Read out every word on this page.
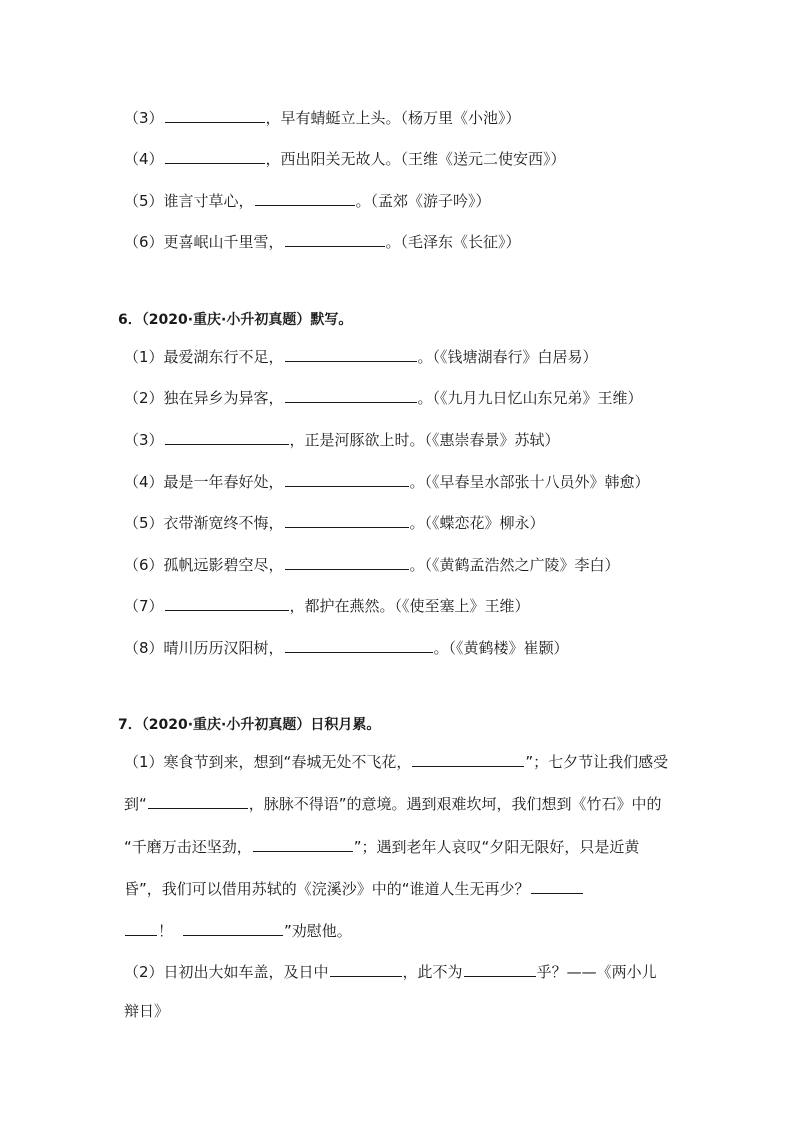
（3）	，早有蜻蜓立上头。（杨万里《小池》）
（4）	，西出阳关无故人。（王维《送元二使安西》）
（5）谁言寸草心，	。（孟郊《游子吟》）
（6）更喜岷山千里雪，	。（毛泽东《长征》）
6．（2020·重庆·小升初真题）默写。
（1）最爱湖东行不足，	。（《钱塘湖春行》白居易）
（2）独在异乡为异客，	。（《九月九日忆山东兄弟》王维）
（3）	，正是河豚欲上时。（《惠崇春景》苏轼）
（4）最是一年春好处，	。（《早春呈水部张十八员外》韩愈）
（5）衣带渐宽终不悔，	。（《蝶恋花》柳永）
（6）孤帆远影碧空尽，	。（《黄鹤孟浩然之广陵》李白）
（7）	，都护在燕然。（《使至塞上》王维）
（8）晴川历历汉阳树，	。（《黄鹤楼》崔颢）
7．（2020·重庆·小升初真题）日积月累。
（1）寒食节到来，想到“春城无处不飞花，	”；七夕节让我们感受
到“	，脉脉不得语”的意境。遇到艰难坎坷，我们想到《竹石》中的
“千磨万击还坚劲，	”；遇到老年人哀叹“夕阳无限好，只是近黄
昏”，我们可以借用苏轼的《浣溪沙》中的“谁道人生无再少？
！	”劝慰他。
（2）日初出大如车盖，及日中	，此不为	乎？——《两小儿
辩日》
